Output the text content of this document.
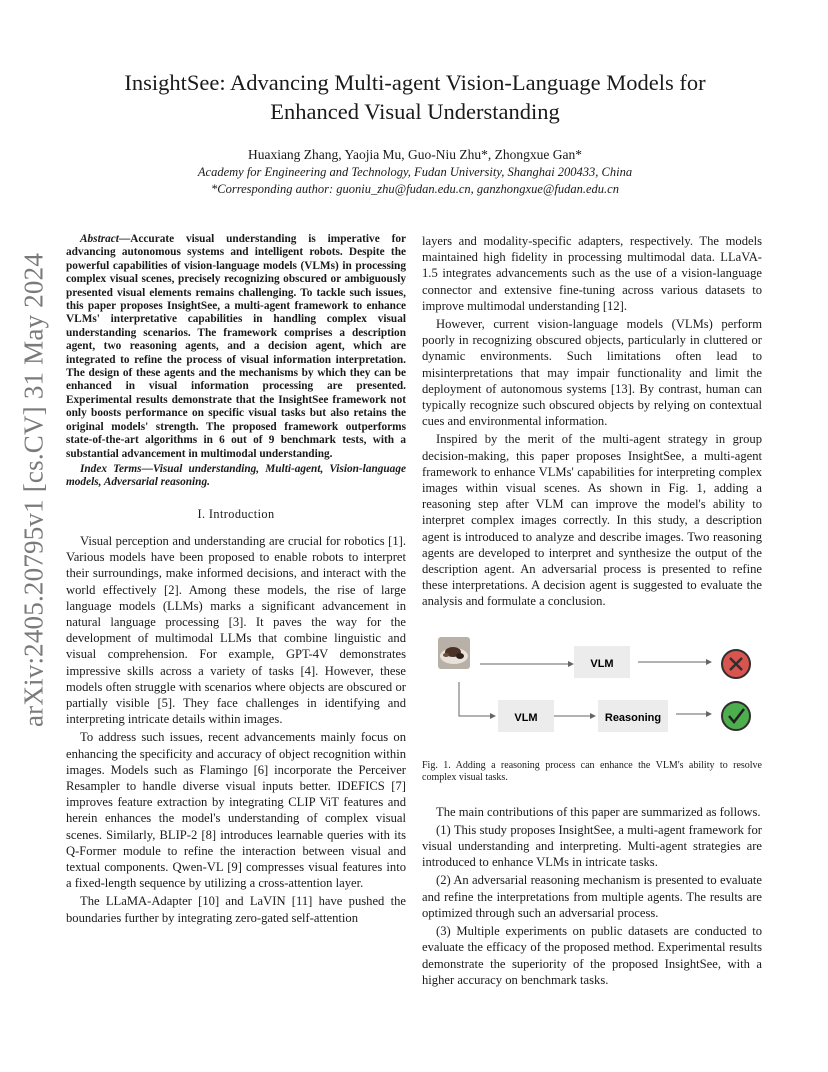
arXiv:2405.20795v1 [cs.CV] 31 May 2024
InsightSee: Advancing Multi-agent Vision-Language Models for Enhanced Visual Understanding
Huaxiang Zhang, Yaojia Mu, Guo-Niu Zhu*, Zhongxue Gan*
Academy for Engineering and Technology, Fudan University, Shanghai 200433, China
*Corresponding author: guoniu_zhu@fudan.edu.cn, ganzhongxue@fudan.edu.cn

Abstract—Accurate visual understanding is imperative for advancing autonomous systems and intelligent robots. Despite the powerful capabilities of vision-language models (VLMs) in processing complex visual scenes, precisely recognizing obscured or ambiguously presented visual elements remains challenging. To tackle such issues, this paper proposes InsightSee, a multi-agent framework to enhance VLMs' interpretative capabilities in handling complex visual understanding scenarios. The framework comprises a description agent, two reasoning agents, and a decision agent, which are integrated to refine the process of visual information interpretation. The design of these agents and the mechanisms by which they can be enhanced in visual information processing are presented. Experimental results demonstrate that the InsightSee framework not only boosts performance on specific visual tasks but also retains the original models' strength. The proposed framework outperforms state-of-the-art algorithms in 6 out of 9 benchmark tests, with a substantial advancement in multimodal understanding.

Index Terms—Visual understanding, Multi-agent, Vision-language models, Adversarial reasoning.

I. Introduction

Visual perception and understanding are crucial for robotics [1]. Various models have been proposed to enable robots to interpret their surroundings, make informed decisions, and interact with the world effectively [2]. Among these models, the rise of large language models (LLMs) marks a significant advancement in natural language processing [3]. It paves the way for the development of multimodal LLMs that combine linguistic and visual comprehension. For example, GPT-4V demonstrates impressive skills across a variety of tasks [4]. However, these models often struggle with scenarios where objects are obscured or partially visible [5]. They face challenges in identifying and interpreting intricate details within images.

To address such issues, recent advancements mainly focus on enhancing the specificity and accuracy of object recognition within images. Models such as Flamingo [6] incorporate the Perceiver Resampler to handle diverse visual inputs better. IDEFICS [7] improves feature extraction by integrating CLIP ViT features and herein enhances the model's understanding of complex visual scenes. Similarly, BLIP-2 [8] introduces learnable queries with its Q-Former module to refine the interaction between visual and textual components. Qwen-VL [9] compresses visual features into a fixed-length sequence by utilizing a cross-attention layer.

The LLaMA-Adapter [10] and LaVIN [11] have pushed the boundaries further by integrating zero-gated self-attention

layers and modality-specific adapters, respectively. The models maintained high fidelity in processing multimodal data. LLaVA-1.5 integrates advancements such as the use of a vision-language connector and extensive fine-tuning across various datasets to improve multimodal understanding [12].

However, current vision-language models (VLMs) perform poorly in recognizing obscured objects, particularly in cluttered or dynamic environments. Such limitations often lead to misinterpretations that may impair functionality and limit the deployment of autonomous systems [13]. By contrast, human can typically recognize such obscured objects by relying on contextual cues and environmental information.

Inspired by the merit of the multi-agent strategy in group decision-making, this paper proposes InsightSee, a multi-agent framework to enhance VLMs' capabilities for interpreting complex images within visual scenes. As shown in Fig. 1, adding a reasoning step after VLM can improve the model's ability to interpret complex images correctly. In this study, a description agent is introduced to analyze and describe images. Two reasoning agents are developed to interpret and synthesize the output of the description agent. An adversarial process is presented to refine these interpretations. A decision agent is suggested to evaluate the analysis and formulate a conclusion.

VLM
VLM	Reasoning
Fig. 1. Adding a reasoning process can enhance the VLM's ability to resolve complex visual tasks.

The main contributions of this paper are summarized as follows.

(1) This study proposes InsightSee, a multi-agent framework for visual understanding and interpreting. Multi-agent strategies are introduced to enhance VLMs in intricate tasks.

(2) An adversarial reasoning mechanism is presented to evaluate and refine the interpretations from multiple agents. The results are optimized through such an adversarial process.

(3) Multiple experiments on public datasets are conducted to evaluate the efficacy of the proposed method. Experimental results demonstrate the superiority of the proposed InsightSee, with a higher accuracy on benchmark tasks.
